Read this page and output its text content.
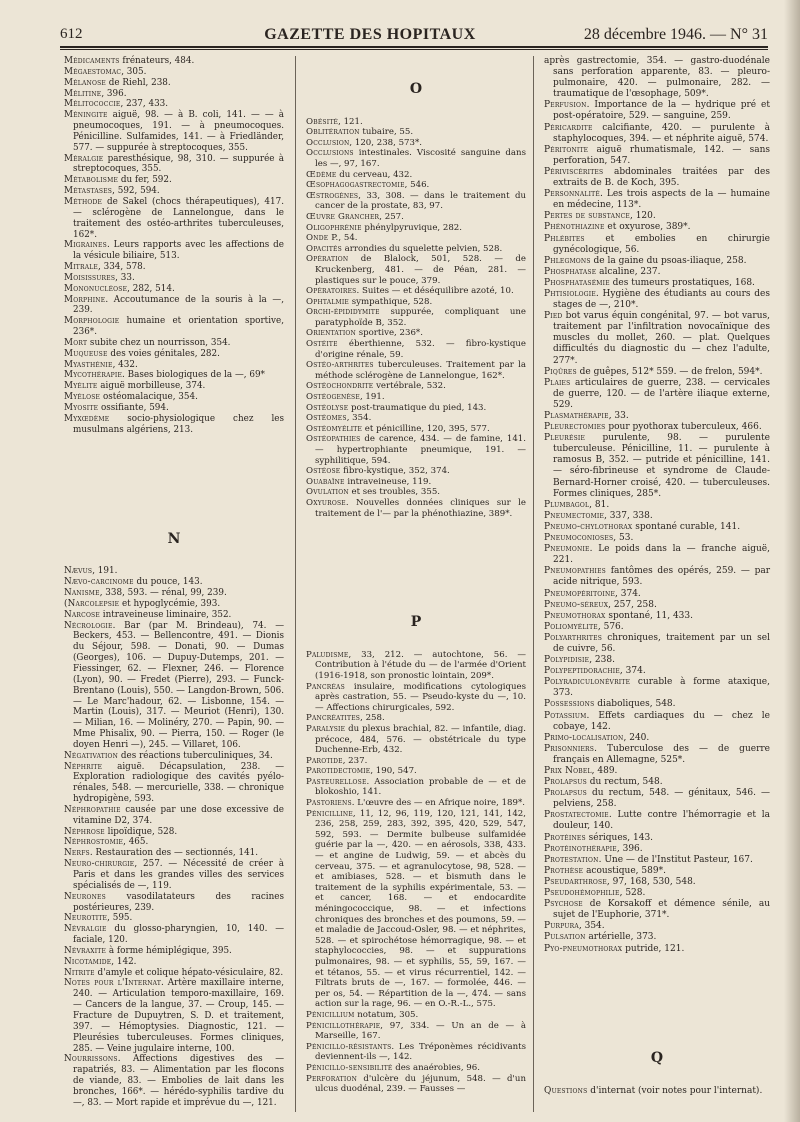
612	GAZETTE DES HOPITAUX	28 décembre 1946. — N° 31

Médicaments frénateurs, 484.

Mégaestomac, 305.

Mélanose de Riehl, 238.

Mélitine, 396.

Mélitococcie, 237, 433.

Méningite aiguë, 98. — à B. coli, 141. — — à pneumocoques, 191. — à pneumocoques. Pénicilline. Sulfamides, 141. — à Friedländer, 577. — suppurée à streptocoques, 355.

Méralgie paresthésique, 98, 310. — suppurée à streptocoques, 355.

Métabolisme du fer, 592.

Métastases, 592, 594.

Méthode de Sakel (chocs thérapeutiques), 417. — sclérogène de Lannelongue, dans le traitement des ostéo-arthrites tuberculeuses, 162*.

Migraines. Leurs rapports avec les affections de la vésicule biliaire, 513.

Mitrale, 334, 578.

Moisissures, 33.

Mononucléose, 282, 514.

Morphine. Accoutumance de la souris à la —, 239.

Morphologie humaine et orientation sportive, 236*.

Mort subite chez un nourrisson, 354.

Muqueuse des voies génitales, 282.

Myasthénie, 432.

Mycothérapie. Bases biologiques de la —, 69*

Myélite aiguë morbilleuse, 374.

Myélose ostéomalacique, 354.

Myosite ossifiante, 594.

Myxœdème socio-physiologique chez les musulmans algériens, 213.

N

Nævus, 191.

Nævo-carcinome du pouce, 143.

Nanisme, 338, 593. — rénal, 99, 239.

(Narcolepsie et hypoglycémie, 393.

Narcose intraveineuse liminaire, 352.

Nécrologie. Bar (par M. Brindeau), 74. — Beckers, 453. — Bellencontre, 491. — Dionis du Séjour, 598. — Donati, 90. — Dumas (Georges), 106. — Dupuy-Dutemps, 201. — Fiessinger, 62. — Flexner, 246. — Florence (Lyon), 90. — Fredet (Pierre), 293. — Funck-Brentano (Louis), 550. — Langdon-Brown, 506. — Le Marc'hadour, 62. — Lisbonne, 154. — Martin (Louis), 317. — Meuriot (Henri), 130. — Milian, 16. — Molinéry, 270. — Papin, 90. — Mme Phisalix, 90. — Pierra, 150. — Roger (le doyen Henri —), 245. — Villaret, 106.

Négativation des réactions tuberculiniques, 34.

Néphrite aiguë. Décapsulation, 238. — Exploration radiologique des cavités pyélo-rénales, 548. — mercurielle, 338. — chronique hydropigène, 593.

Néphropathie causée par une dose excessive de vitamine D2, 374.

Néphrose lipoïdique, 528.

Néphrostomie, 465.

Nerfs. Restauration des — sectionnés, 141.

Neuro-chirurgie, 257. — Nécessité de créer à Paris et dans les grandes villes des services spécialisés de —, 119.

Neurones vasodilatateurs des racines postérieures, 239.

Neurotite, 595.

Névralgie du glosso-pharyngien, 10, 140. — faciale, 120.

Névraxite à forme hémiplégique, 395.

Nicotamide, 142.

Nitrite d'amyle et colique hépato-vésiculaire, 82.

Notes pour l'Internat. Artère maxillaire interne, 240. — Articulation temporo-maxillaire, 169. — Cancers de la langue, 37. — Croup, 145. — Fracture de Dupuytren, S. D. et traitement, 397. — Hémoptysies. Diagnostic, 121. — Pleurésies tuberculeuses. Formes cliniques, 285. — Veine jugulaire interne, 100.

Nourrissons. Affections digestives des — rapatriés, 83. — Alimentation par les flocons de viande, 83. — Embolies de lait dans les bronches, 166*. — hérédo-syphilis tardive du —, 83. — Mort rapide et imprévue du —, 121.

O

Obésité, 121.

Oblitération tubaire, 55.

Occlusion, 120, 238, 573*.

Occlusions intestinales. Viscosité sanguine dans les —, 97, 167.

Œdème du cerveau, 432.

Œsophagogastrectomie, 546.

Œstrogènes, 33, 308. — dans le traitement du cancer de la prostate, 83, 97.

Œuvre Grancher, 257.

Oligophrénie phénylpyruvique, 282.

Onde P., 54.

Opacités arrondies du squelette pelvien, 528.

Opération de Blalock, 501, 528. — de Kruckenberg, 481. — de Péan, 281. — plastiques sur le pouce, 379.

Opératoires. Suites — et déséquilibre azoté, 10.

Ophtalmie sympathique, 528.

Orchi-épididymite suppurée, compliquant une paratyphoïde B, 352.

Orientation sportive, 236*.

Ostéite éberthienne, 532. — fibro-kystique d'origine rénale, 59.

Ostéo-arthrites tuberculeuses. Traitement par la méthode sclérogène de Lannelongue, 162*.

Ostéochondrite vertébrale, 532.

Ostéogenèse, 191.

Ostéolyse post-traumatique du pied, 143.

Ostéomes, 354.

Ostéomyélite et pénicilline, 120, 395, 577.

Ostéopathies de carence, 434. — de famine, 141. — hypertrophiante pneumique, 191. — syphilitique, 594.

Ostéose fibro-kystique, 352, 374.

Ouabaïne intraveineuse, 119.

Ovulation et ses troubles, 355.

Oxyurose. Nouvelles données cliniques sur le traitement de l'— par la phénothiazine, 389*.

P

Paludisme, 33, 212. — autochtone, 56. — Contribution à l'étude du — de l'armée d'Orient (1916-1918, son pronostic lointain, 209*.

Pancréas insulaire, modifications cytologiques après castration, 55. — Pseudo-kyste du —, 10. — Affections chirurgicales, 592.

Pancréatites, 258.

Paralysie du plexus brachial, 82. — infantile, diag. précoce, 484, 576. — obstétricale du type Duchenne-Erb, 432.

Parotide, 237.

Parotidectomie, 190, 547.

Pasteurellose. Association probable de — et de blokoshio, 141.

Pastoriens. L'œuvre des — en Afrique noire, 189*.

Pénicilline, 11, 12, 96, 119, 120, 121, 141, 142, 236, 258, 259, 283, 392, 395, 420, 529, 547, 592, 593. — Dermite bulbeuse sulfamidée guérie par la —, 420. — en aérosols, 338, 433. — et angine de Ludwig, 59. — et abcès du cerveau, 375. — et agranulocytose, 98, 528. — et amibiases, 528. — et bismuth dans le traitement de la syphilis expérimentale, 53. — et cancer, 168. — et endocardite méningococcique, 98. — et infections chroniques des bronches et des poumons, 59. — et maladie de Jaccoud-Osler, 98. — et néphrites, 528. — et spirochétose hémorragique, 98. — et staphylococcies, 98. — et suppurations pulmonaires, 98. — et syphilis, 55, 59, 167. — et tétanos, 55. — et virus récurrentiel, 142. — Filtrats bruts de —, 167. — formolée, 446. — per os, 54. — Répartition de la —, 474. — sans action sur la rage, 96. — en O.-R.-L., 575.

Pénicillium notatum, 305.

Pénicillothérapie, 97, 334. — Un an de — à Marseille, 167.

Pénicillo-résistants. Les Tréponèmes récidivants deviennent-ils —, 142.

Pénicillo-sensibilité des anaérobies, 96.

Perforation d'ulcère du jéjunum, 548. — d'un ulcus duodénal, 239. — Fausses —

après gastrectomie, 354. — gastro-duodénale sans perforation apparente, 83. — pleuro-pulmonaire, 420. — pulmonaire, 282. — traumatique de l'œsophage, 509*.

Perfusion. Importance de la — hydrique pré et post-opératoire, 529. — sanguine, 259.

Péricardite calcifiante, 420. — purulente à staphylocoques, 394. — et néphrite aiguë, 574.

Péritonite aiguë rhumatismale, 142. — sans perforation, 547.

Périviscérites abdominales traitées par des extraits de B. de Koch, 395.

Personnalité. Les trois aspects de la — humaine en médecine, 113*.

Pertes de substance, 120.

Phénothiazine et oxyurose, 389*.

Phlébites et embolies en chirurgie gynécologique, 56.

Phlegmons de la gaine du psoas-iliaque, 258.

Phosphatase alcaline, 237.

Phosphatasémie des tumeurs prostatiques, 168.

Phtisiologie. Hygiène des étudiants au cours des stages de —, 210*.

Pied bot varus équin congénital, 97. — bot varus, traitement par l'infiltration novocaïnique des muscles du mollet, 260. — plat. Quelques difficultés du diagnostic du — chez l'adulte, 277*.

Piqûres de guêpes, 512* 559. — de frelon, 594*.

Plaies articulaires de guerre, 238. — cervicales de guerre, 120. — de l'artère iliaque externe, 529.

Plasmathérapie, 33.

Pleurectomies pour pyothorax tuberculeux, 466.

Pleurésie purulente, 98. — purulente tuberculeuse. Pénicilline, 11. — purulente à ramosus B, 352. — putride et pénicilline, 141. — séro-fibrineuse et syndrome de Claude-Bernard-Horner croisé, 420. — tuberculeuses. Formes cliniques, 285*.

Plumbagol, 81.

Pneumectomie, 337, 338.

Pneumo-chylothorax spontané curable, 141.

Pneumoconioses, 53.

Pneumonie. Le poids dans la — franche aiguë, 221.

Pneumopathies fantômes des opérés, 259. — par acide nitrique, 593.

Pneumopéritoine, 374.

Pneumo-séreux, 257, 258.

Pneumothorax spontané, 11, 433.

Poliomyélite, 576.

Polyarthrites chroniques, traitement par un sel de cuivre, 56.

Polypidisie, 238.

Polypeptidorachie, 374.

Polyradiculonévrite curable à forme ataxique, 373.

Possessions diaboliques, 548.

Potassium. Effets cardiaques du — chez le cobaye, 142.

Primo-localisation, 240.

Prisonniers. Tuberculose des — de guerre français en Allemagne, 525*.

Prix Nobel, 489.

Prolapsus du rectum, 548.

Prolapsus du rectum, 548. — génitaux, 546. — pelviens, 258.

Prostatectomie. Lutte contre l'hémorragie et la douleur, 140.

Protéines sériques, 143.

Protéinothérapie, 396.

Protestation. Une — de l'Institut Pasteur, 167.

Prothèse acoustique, 589*.

Pseudarthrose, 97, 168, 530, 548.

Pseudohémophilie, 528.

Psychose de Korsakoff et démence sénile, au sujet de l'Euphorie, 371*.

Purpura, 354.

Pulsation artérielle, 373.

Pyo-pneumothorax putride, 121.

Q

Questions d'internat (voir notes pour l'internat).
